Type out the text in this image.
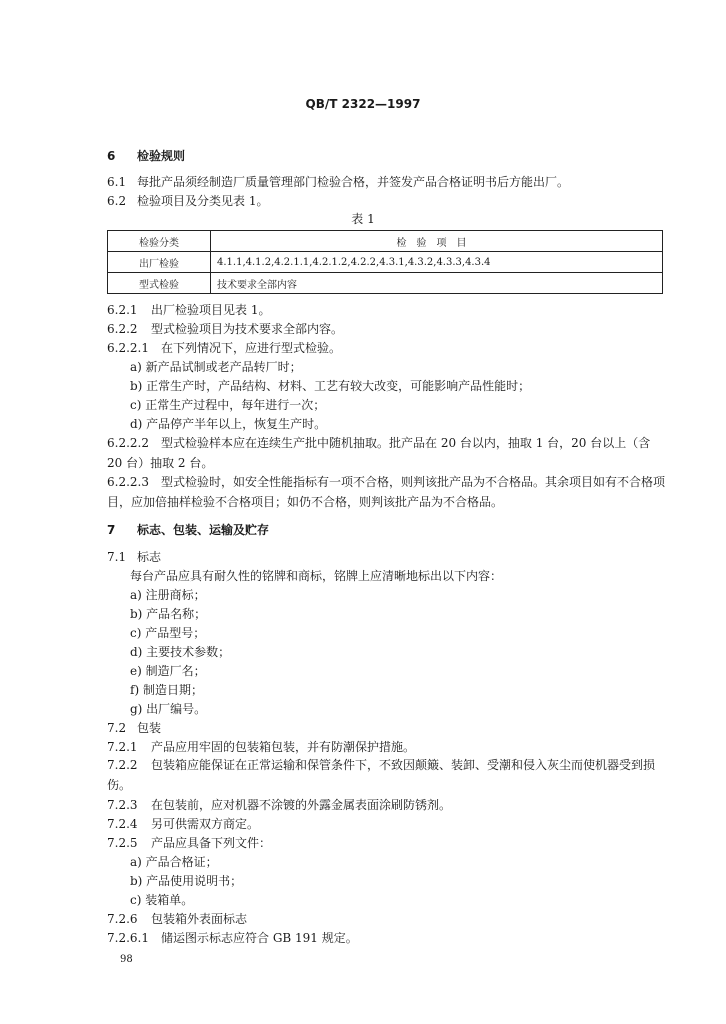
QB/T 2322—1997
6 检验规则
6.1 每批产品须经制造厂质量管理部门检验合格，并签发产品合格证明书后方能出厂。
6.2 检验项目及分类见表 1。
表 1
检验分类	检验项目
出厂检验	4.1.1,4.1.2,4.2.1.1,4.2.1.2,4.2.2,4.3.1,4.3.2,4.3.3,4.3.4
型式检验	技术要求全部内容
6.2.1 出厂检验项目见表 1。
6.2.2 型式检验项目为技术要求全部内容。
6.2.2.1 在下列情况下，应进行型式检验。
a) 新产品试制或老产品转厂时；
b) 正常生产时，产品结构、材料、工艺有较大改变，可能影响产品性能时；
c) 正常生产过程中，每年进行一次；
d) 产品停产半年以上，恢复生产时。
6.2.2.2 型式检验样本应在连续生产批中随机抽取。批产品在 20 台以内，抽取 1 台，20 台以上（含 20 台）抽取 2 台。
6.2.2.3 型式检验时，如安全性能指标有一项不合格，则判该批产品为不合格品。其余项目如有不合格项目，应加倍抽样检验不合格项目；如仍不合格，则判该批产品为不合格品。
7 标志、包装、运输及贮存
7.1 标志
每台产品应具有耐久性的铭牌和商标，铭牌上应清晰地标出以下内容：
a) 注册商标；
b) 产品名称；
c) 产品型号；
d) 主要技术参数；
e) 制造厂名；
f) 制造日期；
g) 出厂编号。
7.2 包装
7.2.1 产品应用牢固的包装箱包装，并有防潮保护措施。
7.2.2 包装箱应能保证在正常运输和保管条件下，不致因颠簸、装卸、受潮和侵入灰尘而使机器受到损伤。
7.2.3 在包装前，应对机器不涂镀的外露金属表面涂刷防锈剂。
7.2.4 另可供需双方商定。
7.2.5 产品应具备下列文件：
a) 产品合格证；
b) 产品使用说明书；
c) 装箱单。
7.2.6 包装箱外表面标志
7.2.6.1 储运图示标志应符合 GB 191 规定。
98
